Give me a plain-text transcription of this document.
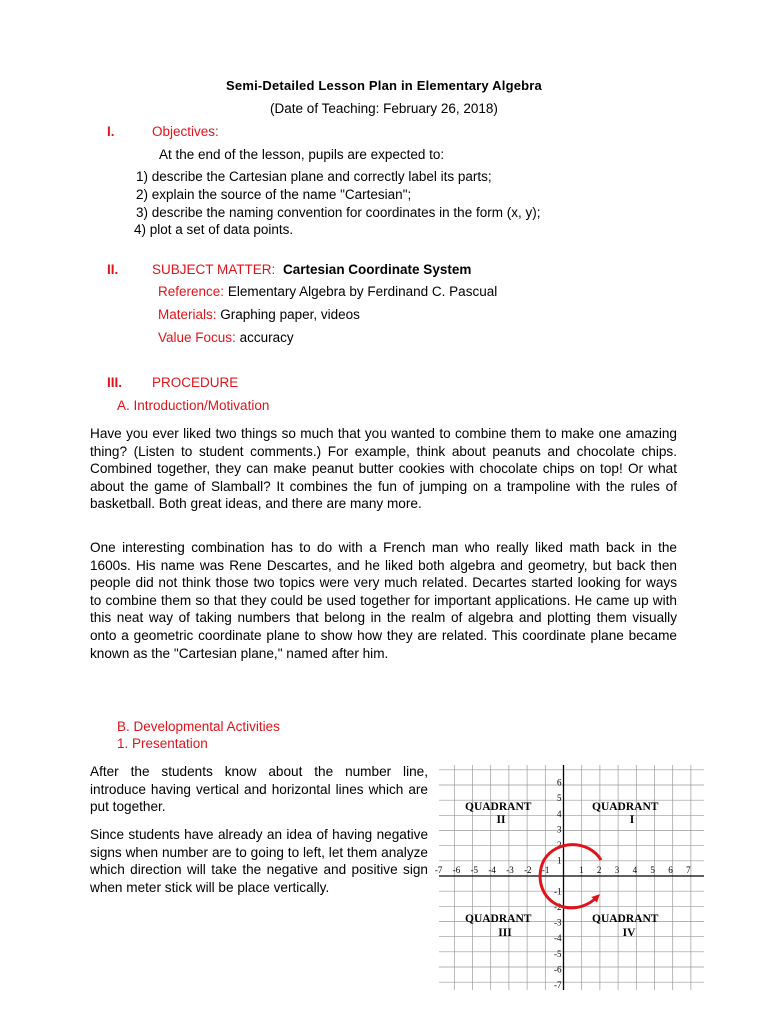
Semi-Detailed Lesson Plan in Elementary Algebra
(Date of Teaching: February 26, 2018)
I.	Objectives:
At the end of the lesson, pupils are expected to:
1) describe the Cartesian plane and correctly label its parts;
2) explain the source of the name "Cartesian";
3) describe the naming convention for coordinates in the form (x, y);
4) plot a set of data points.
II. SUBJECT MATTER: Cartesian Coordinate System
Reference: Elementary Algebra by Ferdinand C. Pascual
Materials: Graphing paper, videos
Value Focus: accuracy
III. PROCEDURE
A. Introduction/Motivation
Have you ever liked two things so much that you wanted to combine them to make one amazing thing? (Listen to student comments.) For example, think about peanuts and chocolate chips. Combined together, they can make peanut butter cookies with chocolate chips on top! Or what about the game of Slamball? It combines the fun of jumping on a trampoline with the rules of basketball. Both great ideas, and there are many more.
One interesting combination has to do with a French man who really liked math back in the 1600s. His name was Rene Descartes, and he liked both algebra and geometry, but back then people did not think those two topics were very much related. Decartes started looking for ways to combine them so that they could be used together for important applications. He came up with this neat way of taking numbers that belong in the realm of algebra and plotting them visually onto a geometric coordinate plane to show how they are related. This coordinate plane became known as the "Cartesian plane," named after him.
B. Developmental Activities
1. Presentation
After the students know about the number line, introduce having vertical and horizontal lines which are put together.
Since students have already an idea of having negative signs when number are to going to left, let them analyze which direction will take the negative and positive sign when meter stick will be place vertically.
-7 -6 -5 -4 -3 -2 -1	1 2 3 4 5 6 7
6
5
4
3
2
1
-1
-2
-3
-4
-5
-6
-7
QUADRANT
II
QUADRANT
I
QUADRANT
III
QUADRANT
IV
